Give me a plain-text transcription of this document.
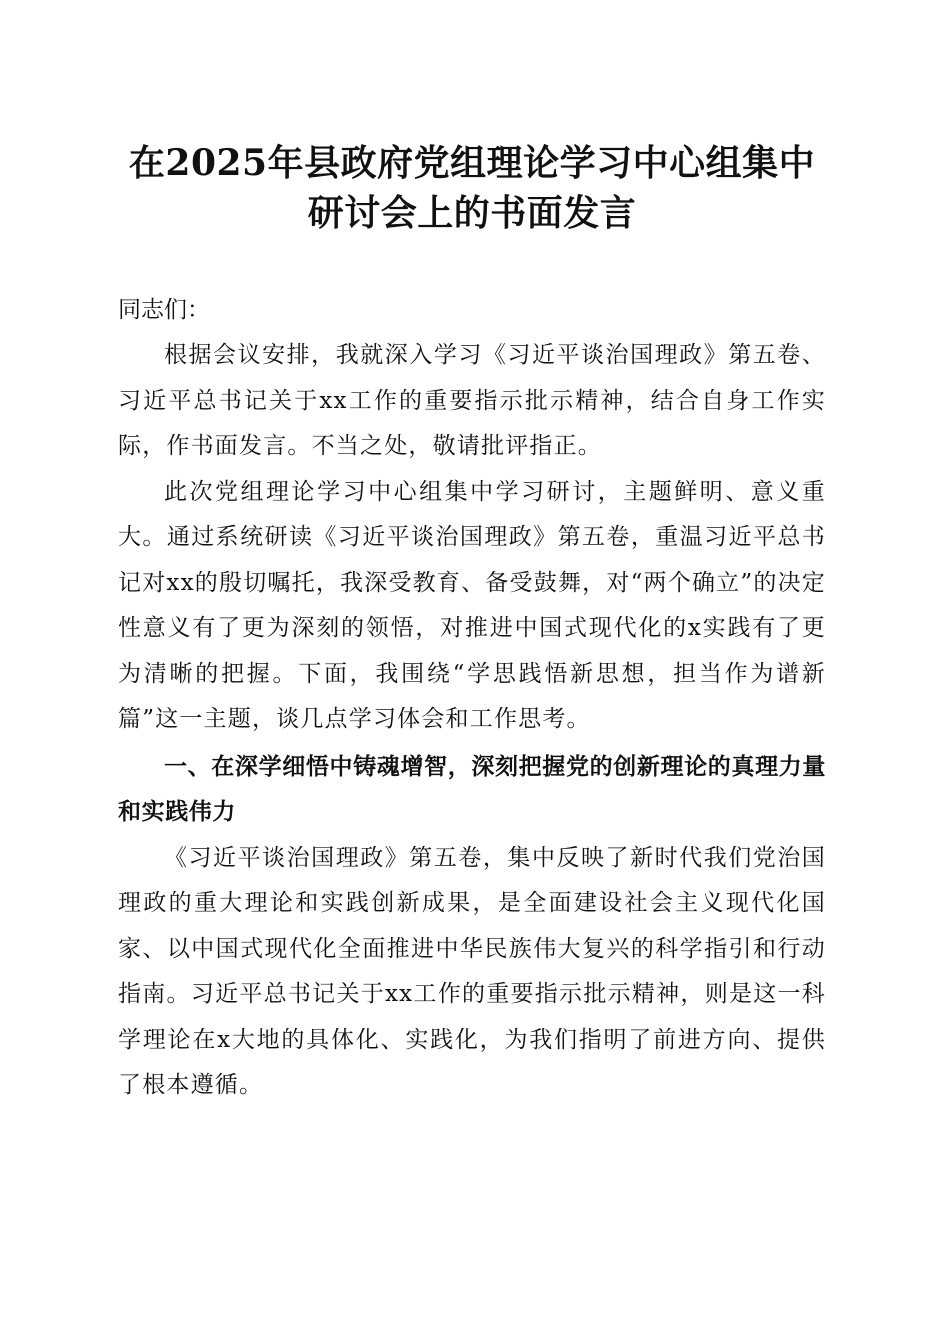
在2025年县政府党组理论学习中心组集中研讨会上的书面发言

同志们：

根据会议安排，我就深入学习《习近平谈治国理政》第五卷、习近平总书记关于xx工作的重要指示批示精神，结合自身工作实际，作书面发言。不当之处，敬请批评指正。

此次党组理论学习中心组集中学习研讨，主题鲜明、意义重大。通过系统研读《习近平谈治国理政》第五卷，重温习近平总书记对xx的殷切嘱托，我深受教育、备受鼓舞，对“两个确立”的决定性意义有了更为深刻的领悟，对推进中国式现代化的x实践有了更为清晰的把握。下面，我围绕“学思践悟新思想，担当作为谱新篇”这一主题，谈几点学习体会和工作思考。

一、在深学细悟中铸魂增智，深刻把握党的创新理论的真理力量和实践伟力

《习近平谈治国理政》第五卷，集中反映了新时代我们党治国理政的重大理论和实践创新成果，是全面建设社会主义现代化国家、以中国式现代化全面推进中华民族伟大复兴的科学指引和行动指南。习近平总书记关于xx工作的重要指示批示精神，则是这一科学理论在x大地的具体化、实践化，为我们指明了前进方向、提供了根本遵循。
